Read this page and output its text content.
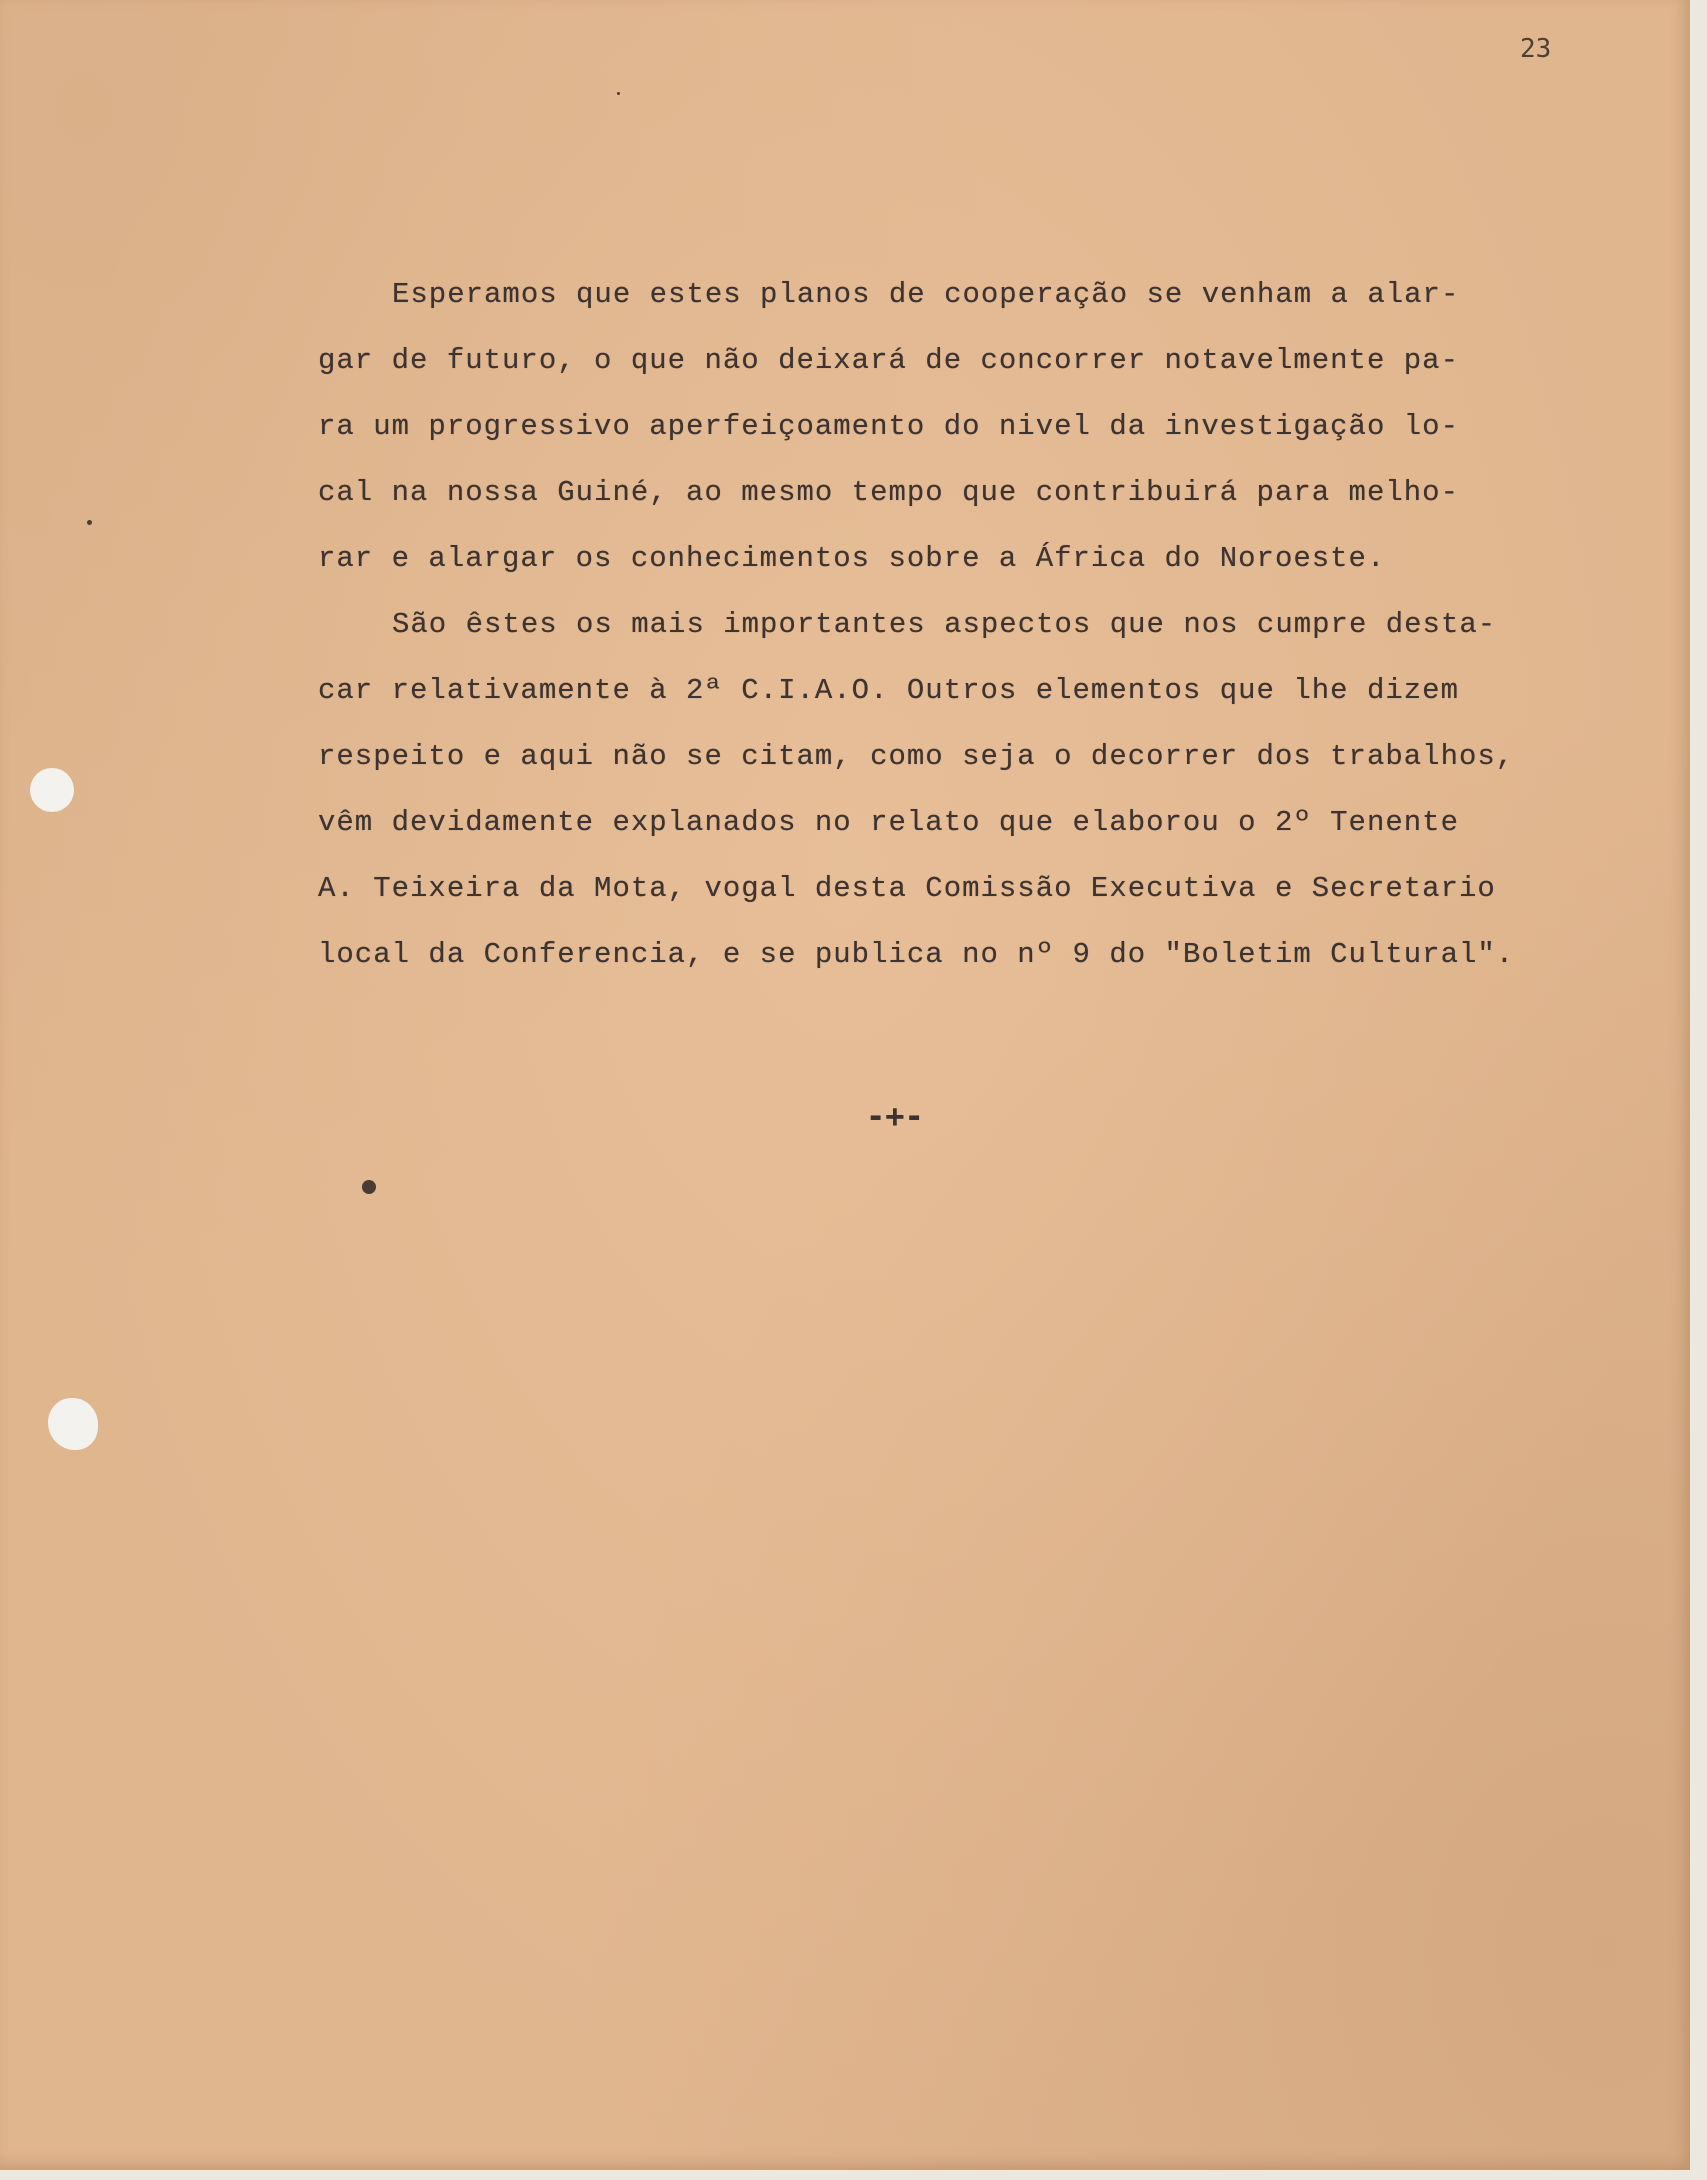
23
Esperamos que estes planos de cooperação se venham a alar-
gar de futuro, o que não deixará de concorrer notavelmente pa-
ra um progressivo aperfeiçoamento do nivel da investigação lo-
cal na nossa Guiné, ao mesmo tempo que contribuirá para melho-
rar e alargar os conhecimentos sobre a África do Noroeste.
São êstes os mais importantes aspectos que nos cumpre desta-
car relativamente à 2ª C.I.A.O. Outros elementos que lhe dizem
respeito e aqui não se citam, como seja o decorrer dos trabalhos,
vêm devidamente explanados no relato que elaborou o 2º Tenente
A. Teixeira da Mota, vogal desta Comissão Executiva e Secretario
local da Conferencia, e se publica no nº 9 do "Boletim Cultural".
-+-
